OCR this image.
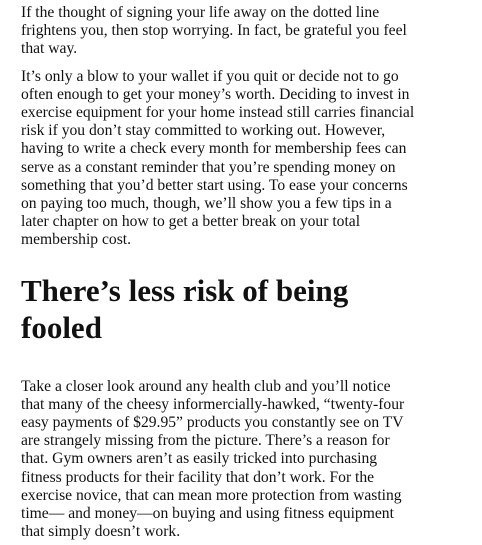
If the thought of signing your life away on the dotted line
frightens you, then stop worrying. In fact, be grateful you feel
that way.

It’s only a blow to your wallet if you quit or decide not to go
often enough to get your money’s worth. Deciding to invest in
exercise equipment for your home instead still carries financial
risk if you don’t stay committed to working out. However,
having to write a check every month for membership fees can
serve as a constant reminder that you’re spending money on
something that you’d better start using. To ease your concerns
on paying too much, though, we’ll show you a few tips in a
later chapter on how to get a better break on your total
membership cost.

There’s less risk of being
fooled

Take a closer look around any health club and you’ll notice
that many of the cheesy informercially-hawked, “twenty-four
easy payments of $29.95” products you constantly see on TV
are strangely missing from the picture. There’s a reason for
that. Gym owners aren’t as easily tricked into purchasing
fitness products for their facility that don’t work. For the
exercise novice, that can mean more protection from wasting
time— and money—on buying and using fitness equipment
that simply doesn’t work.
